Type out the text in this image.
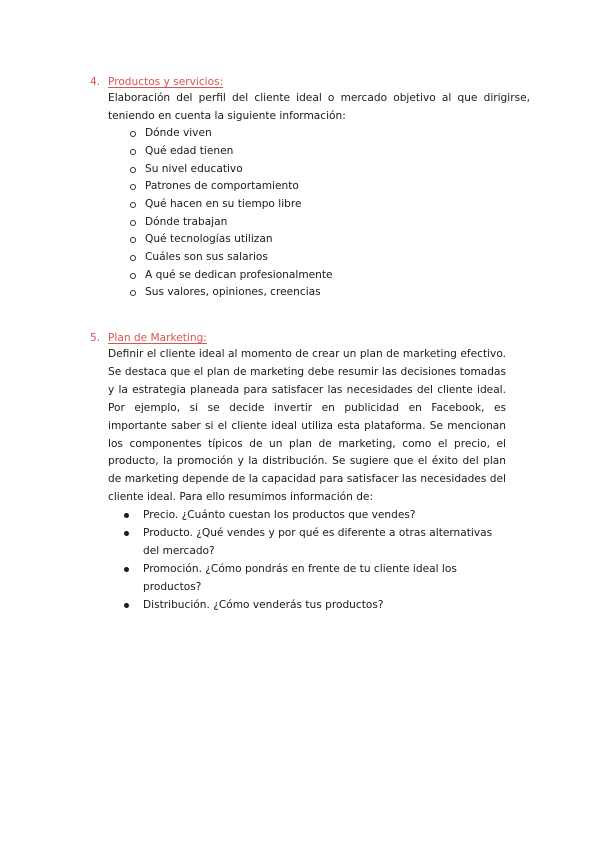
4. Productos y servicios:
Elaboración del perfil del cliente ideal o mercado objetivo al que dirigirse, teniendo en cuenta la siguiente información:
Dónde viven
Qué edad tienen
Su nivel educativo
Patrones de comportamiento
Qué hacen en su tiempo libre
Dónde trabajan
Qué tecnologías utilizan
Cuáles son sus salarios
A qué se dedican profesionalmente
Sus valores, opiniones, creencias
5. Plan de Marketing:
Definir el cliente ideal al momento de crear un plan de marketing efectivo. Se destaca que el plan de marketing debe resumir las decisiones tomadas y la estrategia planeada para satisfacer las necesidades del cliente ideal. Por ejemplo, si se decide invertir en publicidad en Facebook, es importante saber si el cliente ideal utiliza esta plataforma. Se mencionan los componentes típicos de un plan de marketing, como el precio, el producto, la promoción y la distribución. Se sugiere que el éxito del plan de marketing depende de la capacidad para satisfacer las necesidades del cliente ideal. Para ello resumimos información de:
Precio. ¿Cuánto cuestan los productos que vendes?
Producto. ¿Qué vendes y por qué es diferente a otras alternativas del mercado?
Promoción. ¿Cómo pondrás en frente de tu cliente ideal los productos?
Distribución. ¿Cómo venderás tus productos?
